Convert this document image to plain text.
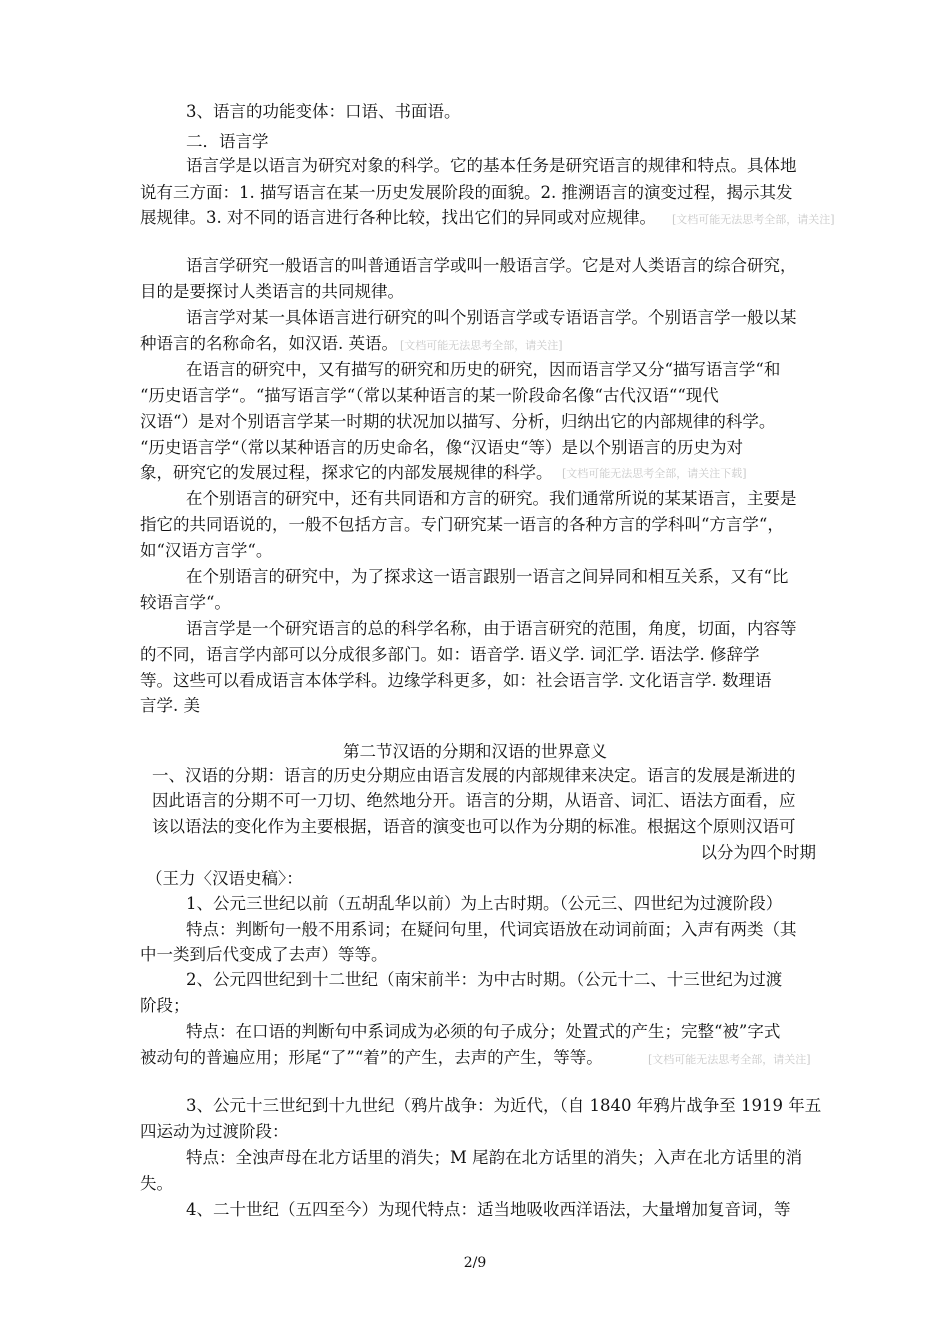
3、语言的功能变体：口语、书面语。
二．语言学
语言学是以语言为研究对象的科学。它的基本任务是研究语言的规律和特点。具体地
说有三方面：1. 描写语言在某一历史发展阶段的面貌。2. 推溯语言的演变过程，揭示其发
展规律。3. 对不同的语言进行各种比较，找出它们的异同或对应规律。 [文档可能无法思考全部，请关注]
语言学研究一般语言的叫普通语言学或叫一般语言学。它是对人类语言的综合研究，
目的是要探讨人类语言的共同规律。
语言学对某一具体语言进行研究的叫个别语言学或专语语言学。个别语言学一般以某
种语言的名称命名，如汉语. 英语。 [文档可能无法思考全部，请关注]
在语言的研究中，又有描写的研究和历史的研究，因而语言学又分“描写语言学“和
“历史语言学“。“描写语言学“（常以某种语言的某一阶段命名像“古代汉语““现代
汉语“）是对个别语言学某一时期的状况加以描写、分析，归纳出它的内部规律的科学。
“历史语言学“（常以某种语言的历史命名，像“汉语史“等）是以个别语言的历史为对
象，研究它的发展过程，探求它的内部发展规律的科学。 [文档可能无法思考全部，请关注下载]
在个别语言的研究中，还有共同语和方言的研究。我们通常所说的某某语言，主要是
指它的共同语说的，一般不包括方言。专门研究某一语言的各种方言的学科叫“方言学“，
如“汉语方言学“。
在个别语言的研究中，为了探求这一语言跟别一语言之间异同和相互关系，又有“比
较语言学“。
语言学是一个研究语言的总的科学名称，由于语言研究的范围，角度，切面，内容等
的不同，语言学内部可以分成很多部门。如：语音学. 语义学. 词汇学. 语法学. 修辞学
等。这些可以看成语言本体学科。边缘学科更多，如：社会语言学. 文化语言学. 数理语
言学. 美
第二节汉语的分期和汉语的世界意义
一、汉语的分期：语言的历史分期应由语言发展的内部规律来决定。语言的发展是渐进的
因此语言的分期不可一刀切、绝然地分开。语言的分期，从语音、词汇、语法方面看，应
该以语法的变化作为主要根据，语音的演变也可以作为分期的标准。根据这个原则汉语可
以分为四个时期
（王力〈汉语史稿〉：
1、公元三世纪以前（五胡乱华以前）为上古时期。（公元三、四世纪为过渡阶段）
特点：判断句一般不用系词；在疑问句里，代词宾语放在动词前面；入声有两类（其
中一类到后代变成了去声）等等。
2、公元四世纪到十二世纪（南宋前半：为中古时期。（公元十二、十三世纪为过渡
阶段；
特点：在口语的判断句中系词成为必须的句子成分；处置式的产生；完整“被”字式
被动句的普遍应用；形尾“了”“着”的产生，去声的产生，等等。	[文档可能无法思考全部，请关注]
3、公元十三世纪到十九世纪（鸦片战争：为近代，（自 1840 年鸦片战争至 1919 年五
四运动为过渡阶段：
特点：全浊声母在北方话里的消失；M 尾韵在北方话里的消失；入声在北方话里的消
失。
4、二十世纪（五四至今）为现代特点：适当地吸收西洋语法，大量增加复音词，等
2/9
